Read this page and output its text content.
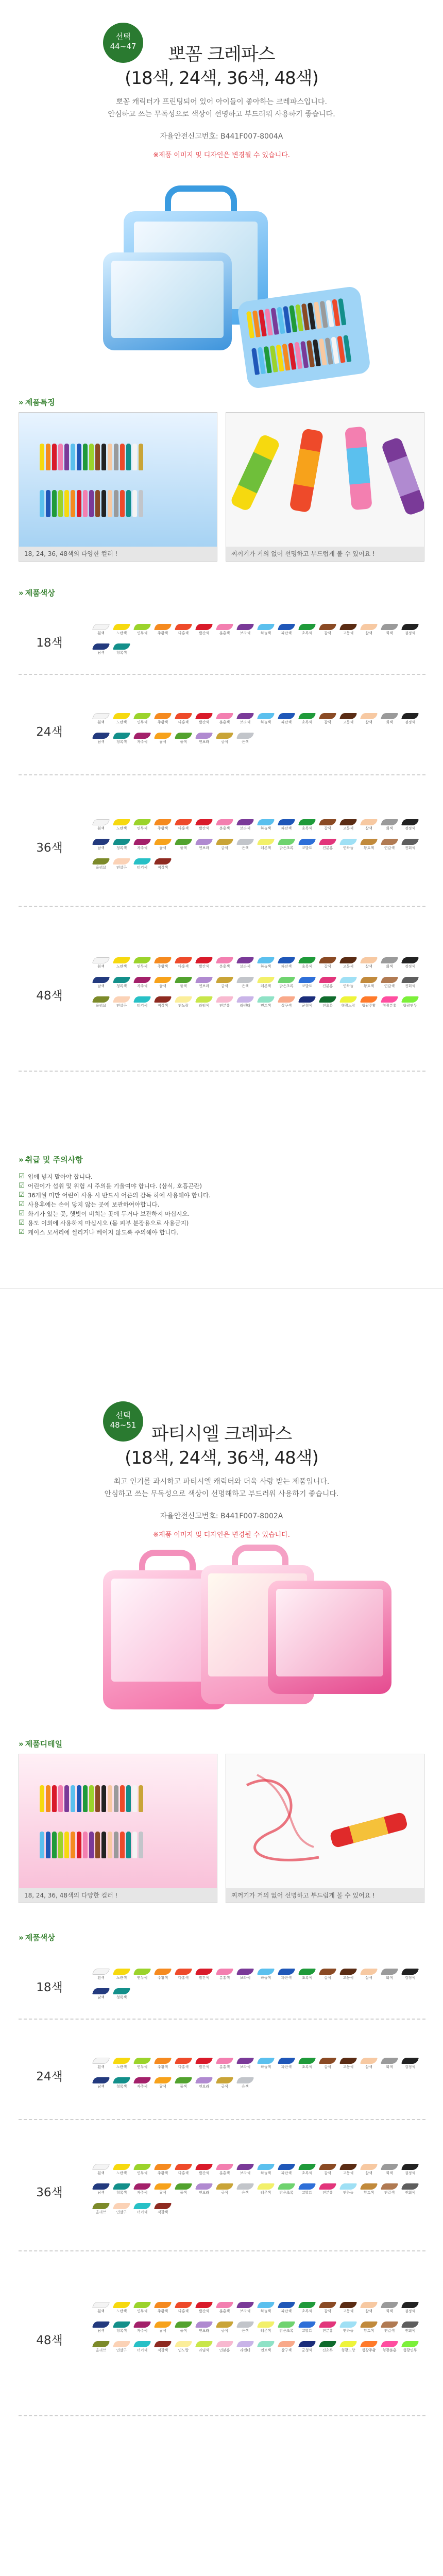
선택
44~47	뽀꼼 크레파스
(18색, 24색, 36색, 48색)
뽀꼼 캐릭터가 프린팅되어 있어 아이들이 좋아하는 크레파스입니다.
안심하고 쓰는 무독성으로 색상이 선명하고 부드러워 사용하기 좋습니다.
자율안전신고번호: B441F007-8004A
※제품 이미지 및 디자인은 변경될 수 있습니다.
» 제품특징
18, 24, 36, 48색의 다양한 컬러 !	찌꺼기가 거의 없어 선명하고 부드럽게 볼 수 있어요 !
» 제품색상
» 취급 및 주의사항
☑ 입에 넣지 말아야 합니다.
☑ 어린이가 섭취 및 위험 시 주의를 기울여야 합니다. (삼식, 호흡곤란)
☑ 36개월 미만 어린이 사용 시 반드시 어른의 감독 하에 사용해야 합니다.
☑ 사용후에는 손이 닿지 않는 곳에 보관하여야합니다.
☑ 화기가 있는 곳, 햇빛이 비치는 곳에 두거나 보관하지 마십시오.
☑ 용도 이외에 사용하지 마십시오 (몸 피부 분장용으로 사용금지)
☑ 케이스 모서리에 찔리거나 베이지 않도록 주의해야 합니다.
18색
흰색	노란색	연두색	주황색	다홍색	빨간색	분홍색	보라색	하늘색	파란색	초록색	갈색	고동색	살색	회색	검정색
남색	청록색
24색
흰색	노란색	연두색	주황색	다홍색	빨간색	분홍색	보라색	하늘색	파란색	초록색	갈색	고동색	살색	회색	검정색
남색	청록색	자주색	귤색	풀색	연보라	금색	은색
36색
흰색	노란색	연두색	주황색	다홍색	빨간색	분홍색	보라색	하늘색	파란색	초록색	갈색	고동색	살색	회색	검정색
남색	청록색	자주색	귤색	풀색	연보라	금색	은색	레몬색	밝은초록	코발트	진분홍	연하늘	황토색	연갈색	진회색
올리브	연살구	터키색	적갈색
48색
흰색	노란색	연두색	주황색	다홍색	빨간색	분홍색	보라색	하늘색	파란색	초록색	갈색	고동색	살색	회색	검정색
남색	청록색	자주색	귤색	풀색	연보라	금색	은색	레몬색	밝은초록	코발트	진분홍	연하늘	황토색	연갈색	진회색
올리브	연살구	터키색	적갈색	연노랑	라임색	연분홍	라벤더	민트색	살구색	군청색	진초록	형광노랑	형광주황	형광분홍	형광연두
선택
48~51 파티시엘 크레파스
(18색, 24색, 36색, 48색)
최고 인기를 과시하고 파티시엘 캐릭터와 더욱 사랑 받는 제품입니다.
안심하고 쓰는 무독성으로 색상이 선명해하고 부드러워 사용하기 좋습니다.
자율안전신고번호: B441F007-8002A
※제품 이미지 및 디자인은 변경될 수 있습니다.
» 제품디테일
18, 24, 36, 48색의 다양한 컬러 !	찌꺼기가 거의 없어 선명하고 부드럽게 볼 수 있어요 !
» 제품색상
18색
흰색	노란색	연두색	주황색	다홍색	빨간색	분홍색	보라색	하늘색	파란색	초록색	갈색	고동색	살색	회색	검정색
남색	청록색
24색
흰색	노란색	연두색	주황색	다홍색	빨간색	분홍색	보라색	하늘색	파란색	초록색	갈색	고동색	살색	회색	검정색
남색	청록색	자주색	귤색	풀색	연보라	금색	은색
36색
흰색	노란색	연두색	주황색	다홍색	빨간색	분홍색	보라색	하늘색	파란색	초록색	갈색	고동색	살색	회색	검정색
남색	청록색	자주색	귤색	풀색	연보라	금색	은색	레몬색	밝은초록	코발트	진분홍	연하늘	황토색	연갈색	진회색
올리브	연살구	터키색	적갈색
48색
흰색	노란색	연두색	주황색	다홍색	빨간색	분홍색	보라색	하늘색	파란색	초록색	갈색	고동색	살색	회색	검정색
남색	청록색	자주색	귤색	풀색	연보라	금색	은색	레몬색	밝은초록	코발트	진분홍	연하늘	황토색	연갈색	진회색
올리브	연살구	터키색	적갈색	연노랑	라임색	연분홍	라벤더	민트색	살구색	군청색	진초록	형광노랑	형광주황	형광분홍	형광연두
